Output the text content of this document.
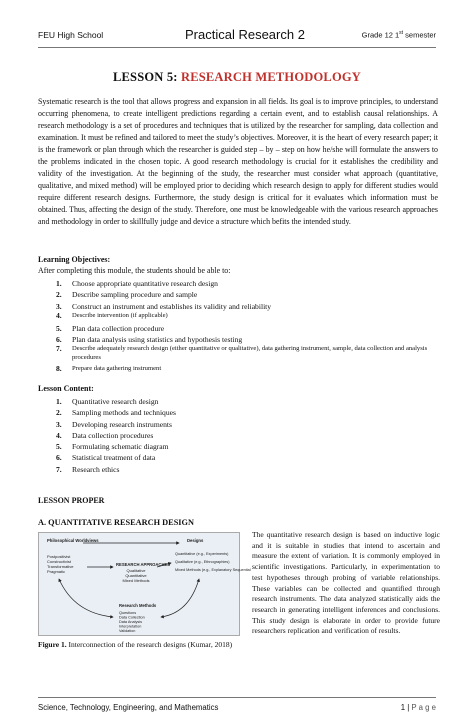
FEU High School	Practical Research 2	Grade 12 1st semester
LESSON 5: RESEARCH METHODOLOGY

Systematic research is the tool that allows progress and expansion in all fields. Its goal is to improve principles, to understand occurring phenomena, to create intelligent predictions regarding a certain event, and to establish causal relationships. A research methodology is a set of procedures and techniques that is utilized by the researcher for sampling, data collection and examination. It must be refined and tailored to meet the study’s objectives. Moreover, it is the heart of every research paper; it is the framework or plan through which the researcher is guided step – by – step on how he/she will formulate the answers to the problems indicated in the chosen topic. A good research methodology is crucial for it establishes the credibility and validity of the investigation. At the beginning of the study, the researcher must consider what approach (quantitative, qualitative, and mixed method) will be employed prior to deciding which research design to apply for different studies would require different research designs. Furthermore, the study design is critical for it evaluates which information must be obtained. Thus, affecting the design of the study. Therefore, one must be knowledgeable with the various research approaches and methodology in order to skillfully judge and device a structure which befits the intended study.

Learning Objectives:
After completing this module, the students should be able to:
1. Choose appropriate quantitative research design
2. Describe sampling procedure and sample
3. Construct an instrument and establishes its validity and reliability
4. Describe intervention (if applicable)
5. Plan data collection procedure
6. Plan data analysis using statistics and hypothesis testing
7. Describe adequately research design (either quantitative or qualitative), data gathering instrument, sample, data collection and analysis procedures
8. Prepare data gathering instrument
Lesson Content:
1. Quantitative research design
2. Sampling methods and techniques
3. Developing research instruments
4. Data collection procedures
5. Formulating schematic diagram
6. Statistical treatment of data
7. Research ethics
LESSON PROPER
A. QUANTITATIVE RESEARCH DESIGN
Philosophical Worldviews
Postpositivist
Constructivist
Transformative
Pragmatic
RESEARCH APPROACHES
Qualitative
Quantitative
Mixed Methods
Designs
Quantitative (e.g., Experiments)
Qualitative (e.g., Ethnographies)
Mixed Methods (e.g., Explanatory Sequential
Research Methods
Questions
Data Collection
Data Analysis
Interpretation
Validation
Figure 1. Interconnection of the research designs (Kumar, 2018)

The quantitative research design is based on inductive logic and it is suitable in studies that intend to ascertain and measure the extent of variation. It is commonly employed in scientific investigations. Particularly, in experimentation to test hypotheses through probing of variable relationships. These variables can be collected and quantified through research instruments. The data analyzed statistically aids the research in generating intelligent inferences and conclusions. This study design is elaborate in order to provide future researchers replication and verification of results.

Science, Technology, Engineering, and Mathematics	1 | P a g e
